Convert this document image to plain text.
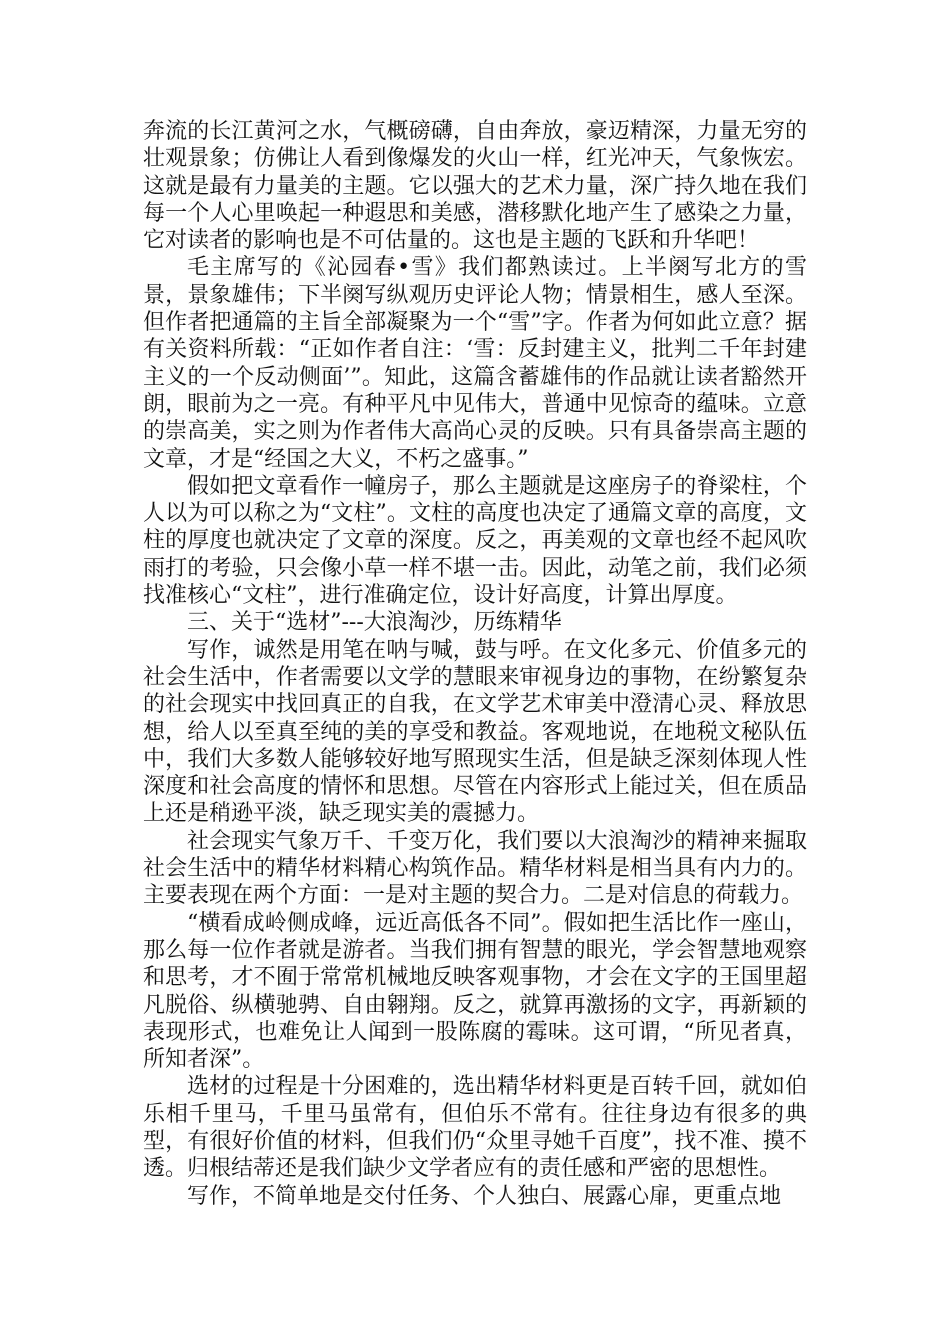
奔流的长江黄河之水，气概磅礴，自由奔放，豪迈精深，力量无穷的壮观景象；仿佛让人看到像爆发的火山一样，红光冲天，气象恢宏。这就是最有力量美的主题。它以强大的艺术力量，深广持久地在我们每一个人心里唤起一种遐思和美感，潜移默化地产生了感染之力量，它对读者的影响也是不可估量的。这也是主题的飞跃和升华吧！

毛主席写的《沁园春•雪》我们都熟读过。上半阕写北方的雪景，景象雄伟；下半阕写纵观历史评论人物；情景相生，感人至深。但作者把通篇的主旨全部凝聚为一个“雪”字。作者为何如此立意？据有关资料所载：“正如作者自注：‘雪：反封建主义，批判二千年封建主义的一个反动侧面’”。知此，这篇含蓄雄伟的作品就让读者豁然开朗，眼前为之一亮。有种平凡中见伟大，普通中见惊奇的蕴味。立意的崇高美，实之则为作者伟大高尚心灵的反映。只有具备崇高主题的文章，才是“经国之大义，不朽之盛事。”

假如把文章看作一幢房子，那么主题就是这座房子的脊梁柱，个人以为可以称之为“文柱”。文柱的高度也决定了通篇文章的高度，文柱的厚度也就决定了文章的深度。反之，再美观的文章也经不起风吹雨打的考验，只会像小草一样不堪一击。因此，动笔之前，我们必须找准核心“文柱”，进行准确定位，设计好高度，计算出厚度。

三、关于“选材”---大浪淘沙，历练精华

写作，诚然是用笔在呐与喊，鼓与呼。在文化多元、价值多元的社会生活中，作者需要以文学的慧眼来审视身边的事物，在纷繁复杂的社会现实中找回真正的自我，在文学艺术审美中澄清心灵、释放思想，给人以至真至纯的美的享受和教益。客观地说，在地税文秘队伍中，我们大多数人能够较好地写照现实生活，但是缺乏深刻体现人性深度和社会高度的情怀和思想。尽管在内容形式上能过关，但在质品上还是稍逊平淡，缺乏现实美的震撼力。

社会现实气象万千、千变万化，我们要以大浪淘沙的精神来掘取社会生活中的精华材料精心构筑作品。精华材料是相当具有内力的。主要表现在两个方面：一是对主题的契合力。二是对信息的荷载力。

“横看成岭侧成峰，远近高低各不同”。假如把生活比作一座山，那么每一位作者就是游者。当我们拥有智慧的眼光，学会智慧地观察和思考，才不囿于常常机械地反映客观事物，才会在文字的王国里超凡脱俗、纵横驰骋、自由翱翔。反之，就算再激扬的文字，再新颖的表现形式，也难免让人闻到一股陈腐的霉味。这可谓，“所见者真，所知者深”。

选材的过程是十分困难的，选出精华材料更是百转千回，就如伯乐相千里马，千里马虽常有，但伯乐不常有。往往身边有很多的典型，有很好价值的材料，但我们仍“众里寻她千百度”，找不准、摸不透。归根结蒂还是我们缺少文学者应有的责任感和严密的思想性。

写作，不简单地是交付任务、个人独白、展露心扉，更重点地
